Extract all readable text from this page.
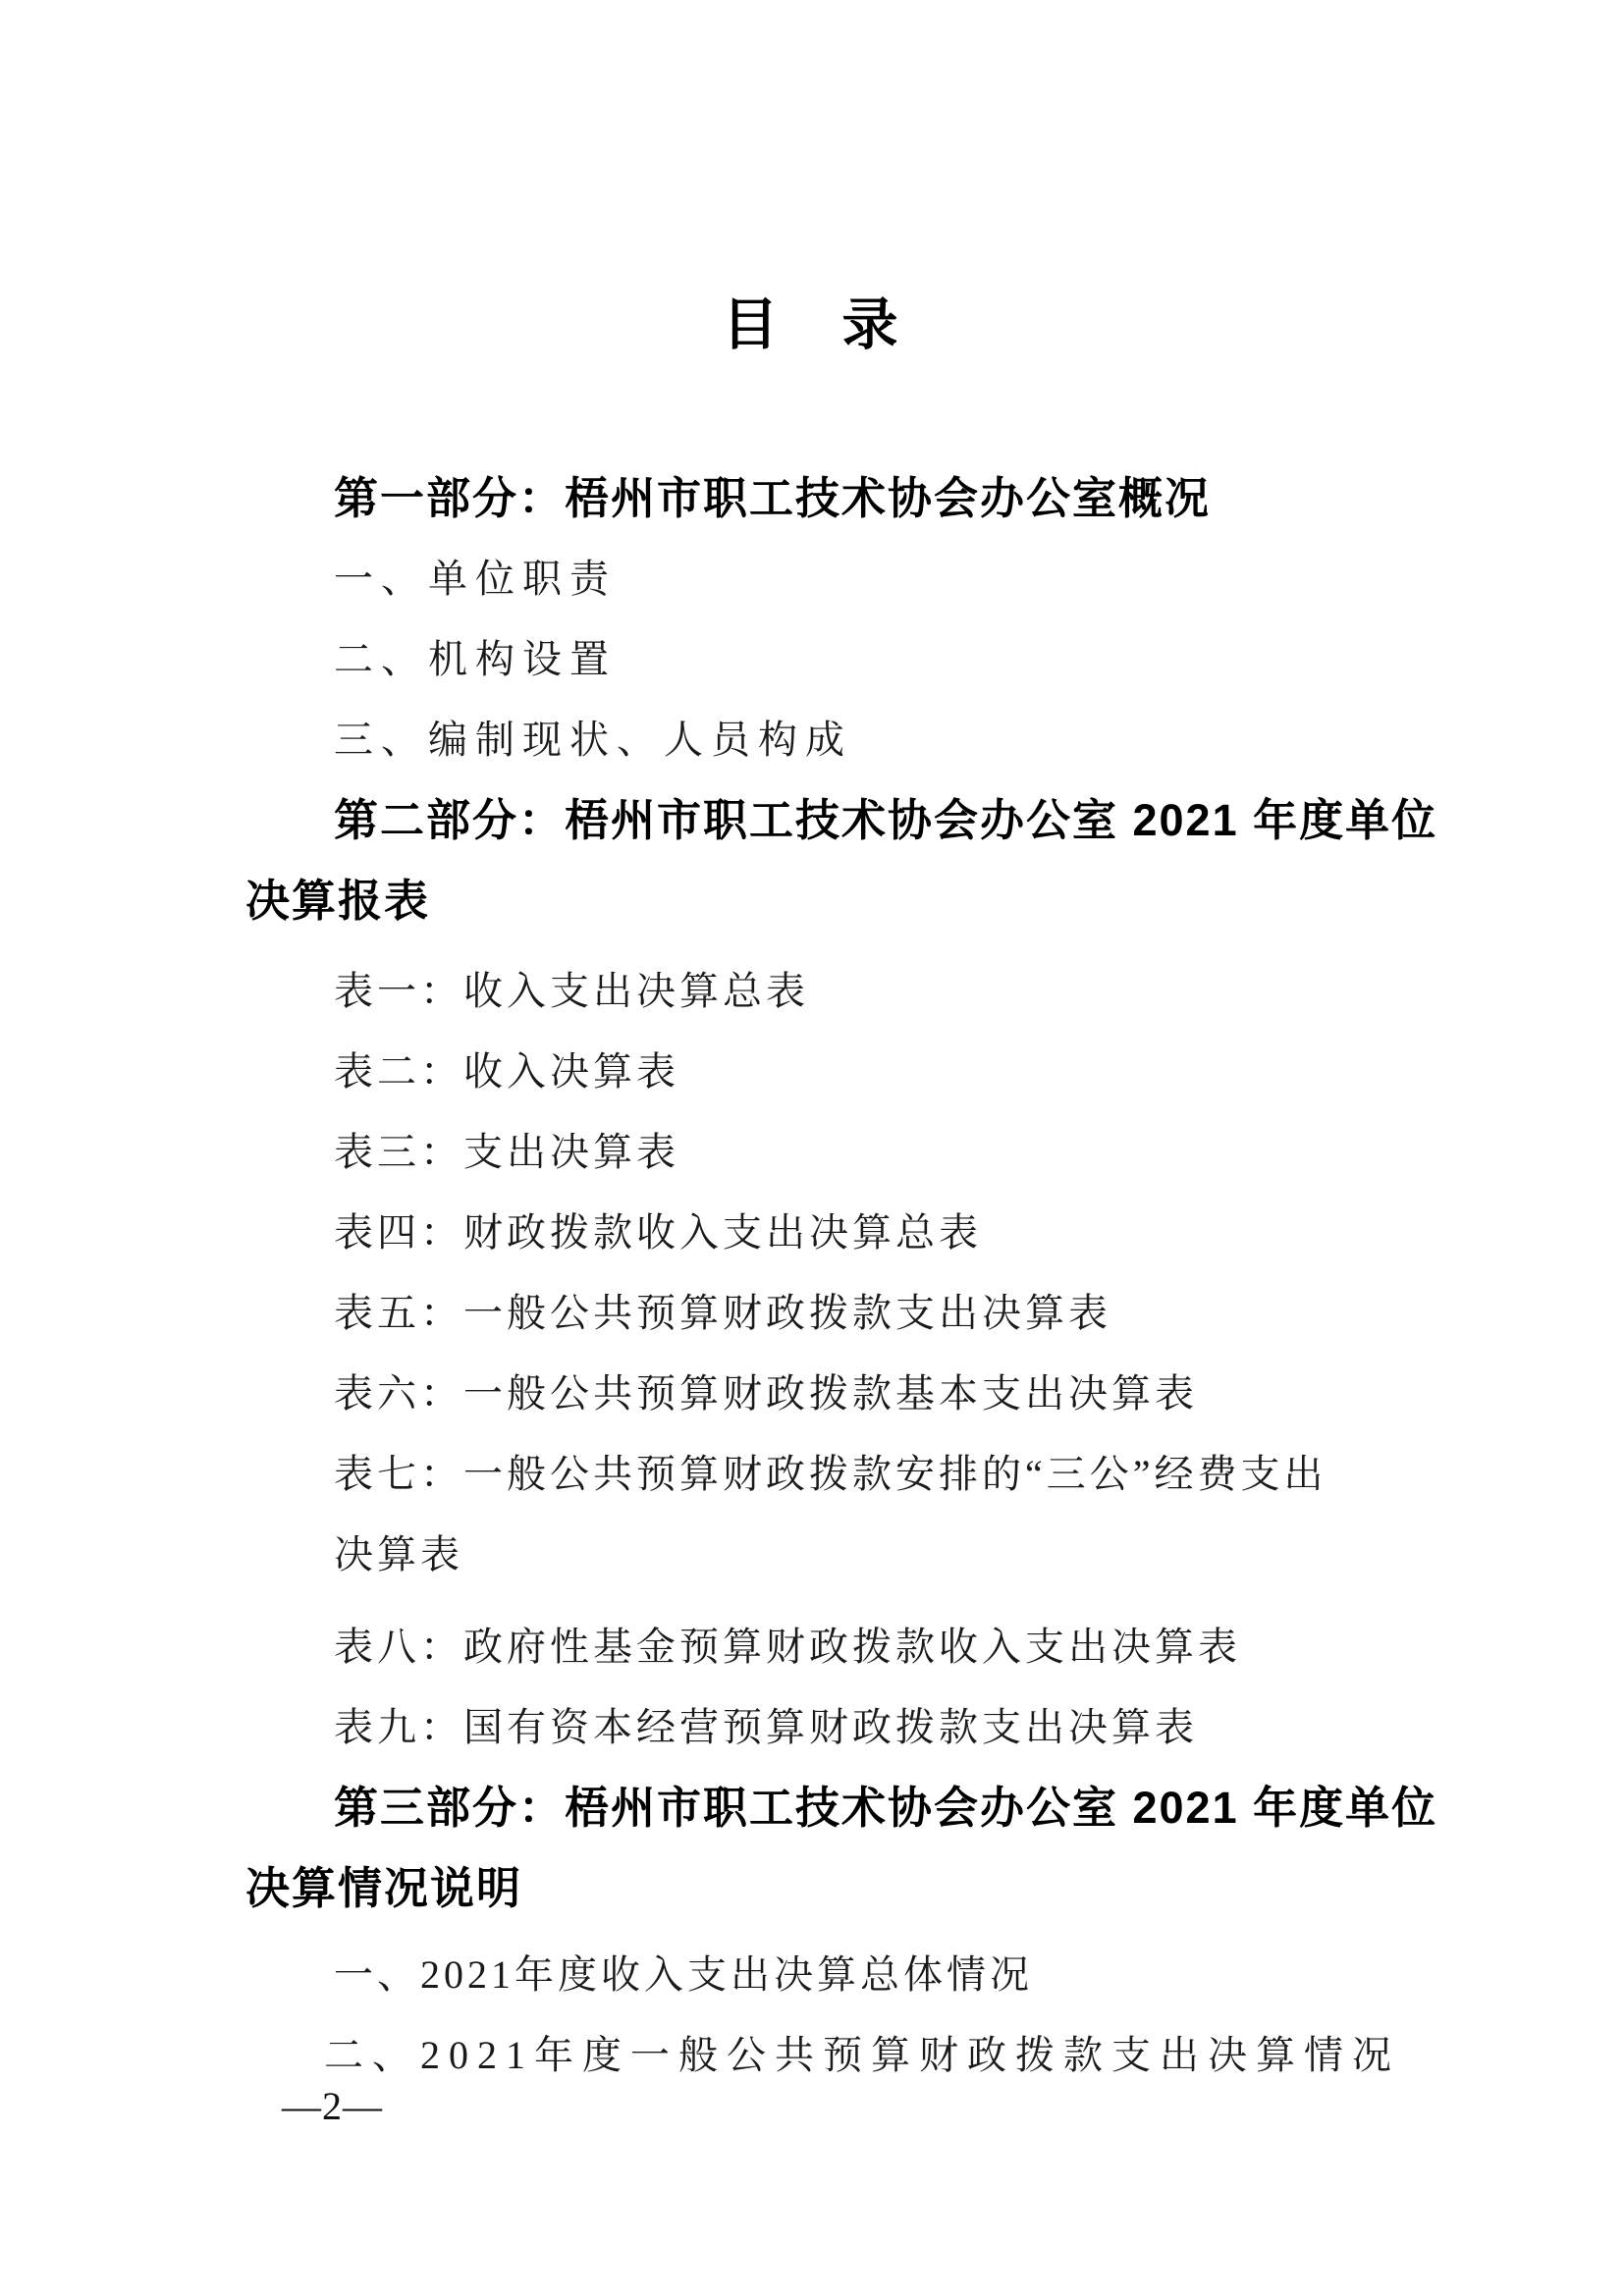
目　录
第一部分：梧州市职工技术协会办公室概况
一、单位职责
二、机构设置
三、编制现状、人员构成
第二部分：梧州市职工技术协会办公室 2021 年度单位
决算报表
表一：收入支出决算总表
表二：收入决算表
表三：支出决算表
表四：财政拨款收入支出决算总表
表五：一般公共预算财政拨款支出决算表
表六：一般公共预算财政拨款基本支出决算表
表七：一般公共预算财政拨款安排的“三公”经费支出
决算表
表八：政府性基金预算财政拨款收入支出决算表
表九：国有资本经营预算财政拨款支出决算表
第三部分：梧州市职工技术协会办公室 2021 年度单位
决算情况说明
一、2021年度收入支出决算总体情况
二、2021年度一般公共预算财政拨款支出决算情况
—2—
